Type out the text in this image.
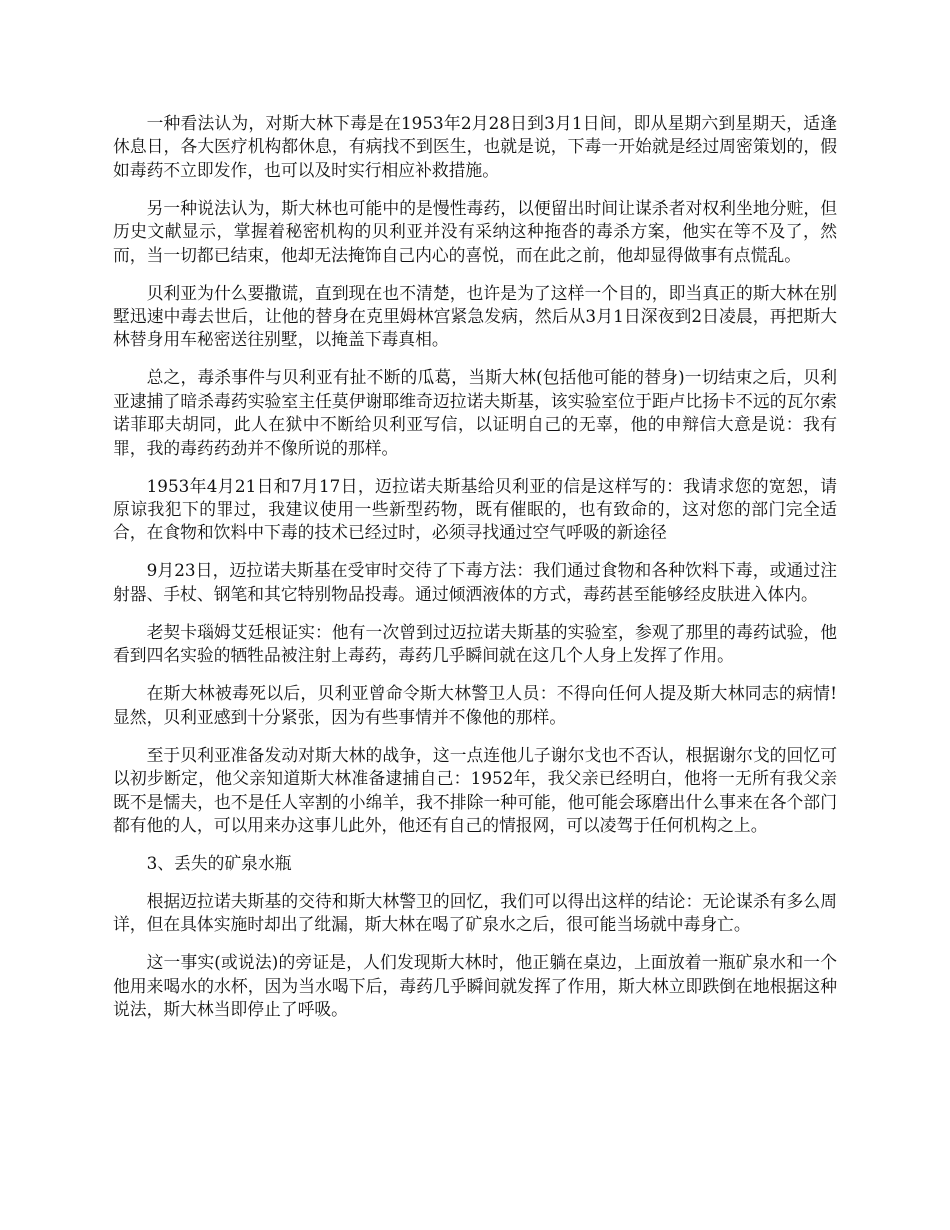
一种看法认为，对斯大林下毒是在1953年2月28日到3月1日间，即从星期六到星期天，适逢休息日，各大医疗机构都休息，有病找不到医生，也就是说，下毒一开始就是经过周密策划的，假如毒药不立即发作，也可以及时实行相应补救措施。

另一种说法认为，斯大林也可能中的是慢性毒药，以便留出时间让谋杀者对权利坐地分赃，但历史文献显示，掌握着秘密机构的贝利亚并没有采纳这种拖沓的毒杀方案，他实在等不及了，然而，当一切都已结束，他却无法掩饰自己内心的喜悦，而在此之前，他却显得做事有点慌乱。

贝利亚为什么要撒谎，直到现在也不清楚，也许是为了这样一个目的，即当真正的斯大林在别墅迅速中毒去世后，让他的替身在克里姆林宫紧急发病，然后从3月1日深夜到2日凌晨，再把斯大林替身用车秘密送往别墅，以掩盖下毒真相。

总之，毒杀事件与贝利亚有扯不断的瓜葛，当斯大林(包括他可能的替身)一切结束之后，贝利亚逮捕了暗杀毒药实验室主任莫伊谢耶维奇迈拉诺夫斯基，该实验室位于距卢比扬卡不远的瓦尔索诺菲耶夫胡同，此人在狱中不断给贝利亚写信，以证明自己的无辜，他的申辩信大意是说：我有罪，我的毒药药劲并不像所说的那样。

1953年4月21日和7月17日，迈拉诺夫斯基给贝利亚的信是这样写的：我请求您的宽恕，请原谅我犯下的罪过，我建议使用一些新型药物，既有催眠的，也有致命的，这对您的部门完全适合，在食物和饮料中下毒的技术已经过时，必须寻找通过空气呼吸的新途径

9月23日，迈拉诺夫斯基在受审时交待了下毒方法：我们通过食物和各种饮料下毒，或通过注射器、手杖、钢笔和其它特别物品投毒。通过倾洒液体的方式，毒药甚至能够经皮肤进入体内。

老契卡瑙姆艾廷根证实：他有一次曾到过迈拉诺夫斯基的实验室，参观了那里的毒药试验，他看到四名实验的牺牲品被注射上毒药，毒药几乎瞬间就在这几个人身上发挥了作用。

在斯大林被毒死以后，贝利亚曾命令斯大林警卫人员：不得向任何人提及斯大林同志的病情!显然，贝利亚感到十分紧张，因为有些事情并不像他的那样。

至于贝利亚准备发动对斯大林的战争，这一点连他儿子谢尔戈也不否认，根据谢尔戈的回忆可以初步断定，他父亲知道斯大林准备逮捕自己：1952年，我父亲已经明白，他将一无所有我父亲既不是懦夫，也不是任人宰割的小绵羊，我不排除一种可能，他可能会琢磨出什么事来在各个部门都有他的人，可以用来办这事儿此外，他还有自己的情报网，可以凌驾于任何机构之上。

3、丢失的矿泉水瓶

根据迈拉诺夫斯基的交待和斯大林警卫的回忆，我们可以得出这样的结论：无论谋杀有多么周详，但在具体实施时却出了纰漏，斯大林在喝了矿泉水之后，很可能当场就中毒身亡。

这一事实(或说法)的旁证是，人们发现斯大林时，他正躺在桌边，上面放着一瓶矿泉水和一个他用来喝水的水杯，因为当水喝下后，毒药几乎瞬间就发挥了作用，斯大林立即跌倒在地根据这种说法，斯大林当即停止了呼吸。
